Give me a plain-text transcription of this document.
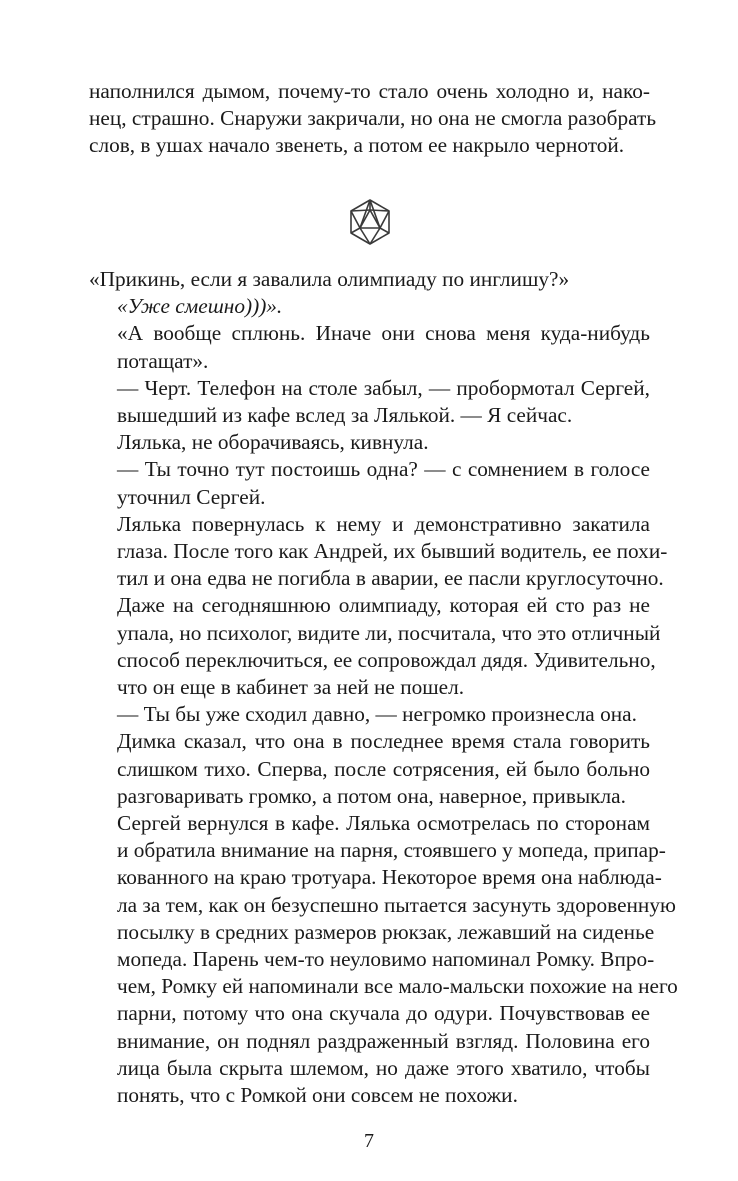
наполнился дымом, почему-то стало очень холодно и, нако-
нец, страшно. Снаружи закричали, но она не смогла разобрать
слов, в ушах начало звенеть, а потом ее накрыло чернотой.

«Прикинь, если я завалила олимпиаду по инглишу?»

«Уже смешно)))».

«А вообще сплюнь. Иначе они снова меня куда-нибудь
потащат».

— Черт. Телефон на столе забыл, — пробормотал Сергей,
вышедший из кафе вслед за Лялькой. — Я сейчас.

Лялька, не оборачиваясь, кивнула.

— Ты точно тут постоишь одна? — с сомнением в голосе
уточнил Сергей.

Лялька повернулась к нему и демонстративно закатила
глаза. После того как Андрей, их бывший водитель, ее похи-
тил и она едва не погибла в аварии, ее пасли круглосуточно.
Даже на сегодняшнюю олимпиаду, которая ей сто раз не
упала, но психолог, видите ли, посчитала, что это отличный
способ переключиться, ее сопровождал дядя. Удивительно,
что он еще в кабинет за ней не пошел.

— Ты бы уже сходил давно, — негромко произнесла она.

Димка сказал, что она в последнее время стала говорить
слишком тихо. Сперва, после сотрясения, ей было больно
разговаривать громко, а потом она, наверное, привыкла.

Сергей вернулся в кафе. Лялька осмотрелась по сторонам
и обратила внимание на парня, стоявшего у мопеда, припар-
кованного на краю тротуара. Некоторое время она наблюда-
ла за тем, как он безуспешно пытается засунуть здоровенную
посылку в средних размеров рюкзак, лежавший на сиденье
мопеда. Парень чем-то неуловимо напоминал Ромку. Впро-
чем, Ромку ей напоминали все мало-мальски похожие на него
парни, потому что она скучала до одури. Почувствовав ее
внимание, он поднял раздраженный взгляд. Половина его
лица была скрыта шлемом, но даже этого хватило, чтобы
понять, что с Ромкой они совсем не похожи.

7
